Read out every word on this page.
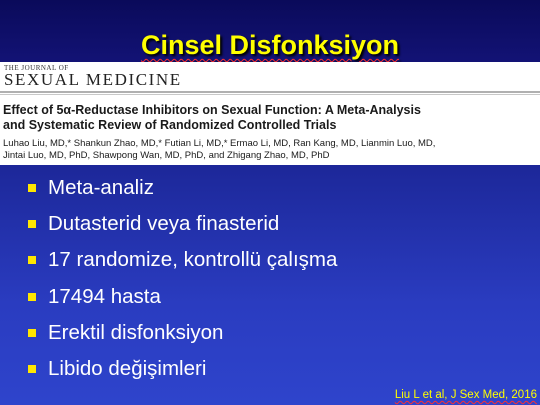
Cinsel Disfonksiyon
THE JOURNAL OF
SEXUAL MEDICINE
Effect of 5α-Reductase Inhibitors on Sexual Function: A Meta-Analysis
and Systematic Review of Randomized Controlled Trials
Luhao Liu, MD,* Shankun Zhao, MD,* Futian Li, MD,* Ermao Li, MD, Ran Kang, MD, Lianmin Luo, MD,
Jintai Luo, MD, PhD, Shawpong Wan, MD, PhD, and Zhigang Zhao, MD, PhD
Meta-analiz
Dutasterid veya finasterid
17 randomize, kontrollü çalışma
17494 hasta
Erektil disfonksiyon
Libido değişimleri
Liu L et al, J Sex Med, 2016
